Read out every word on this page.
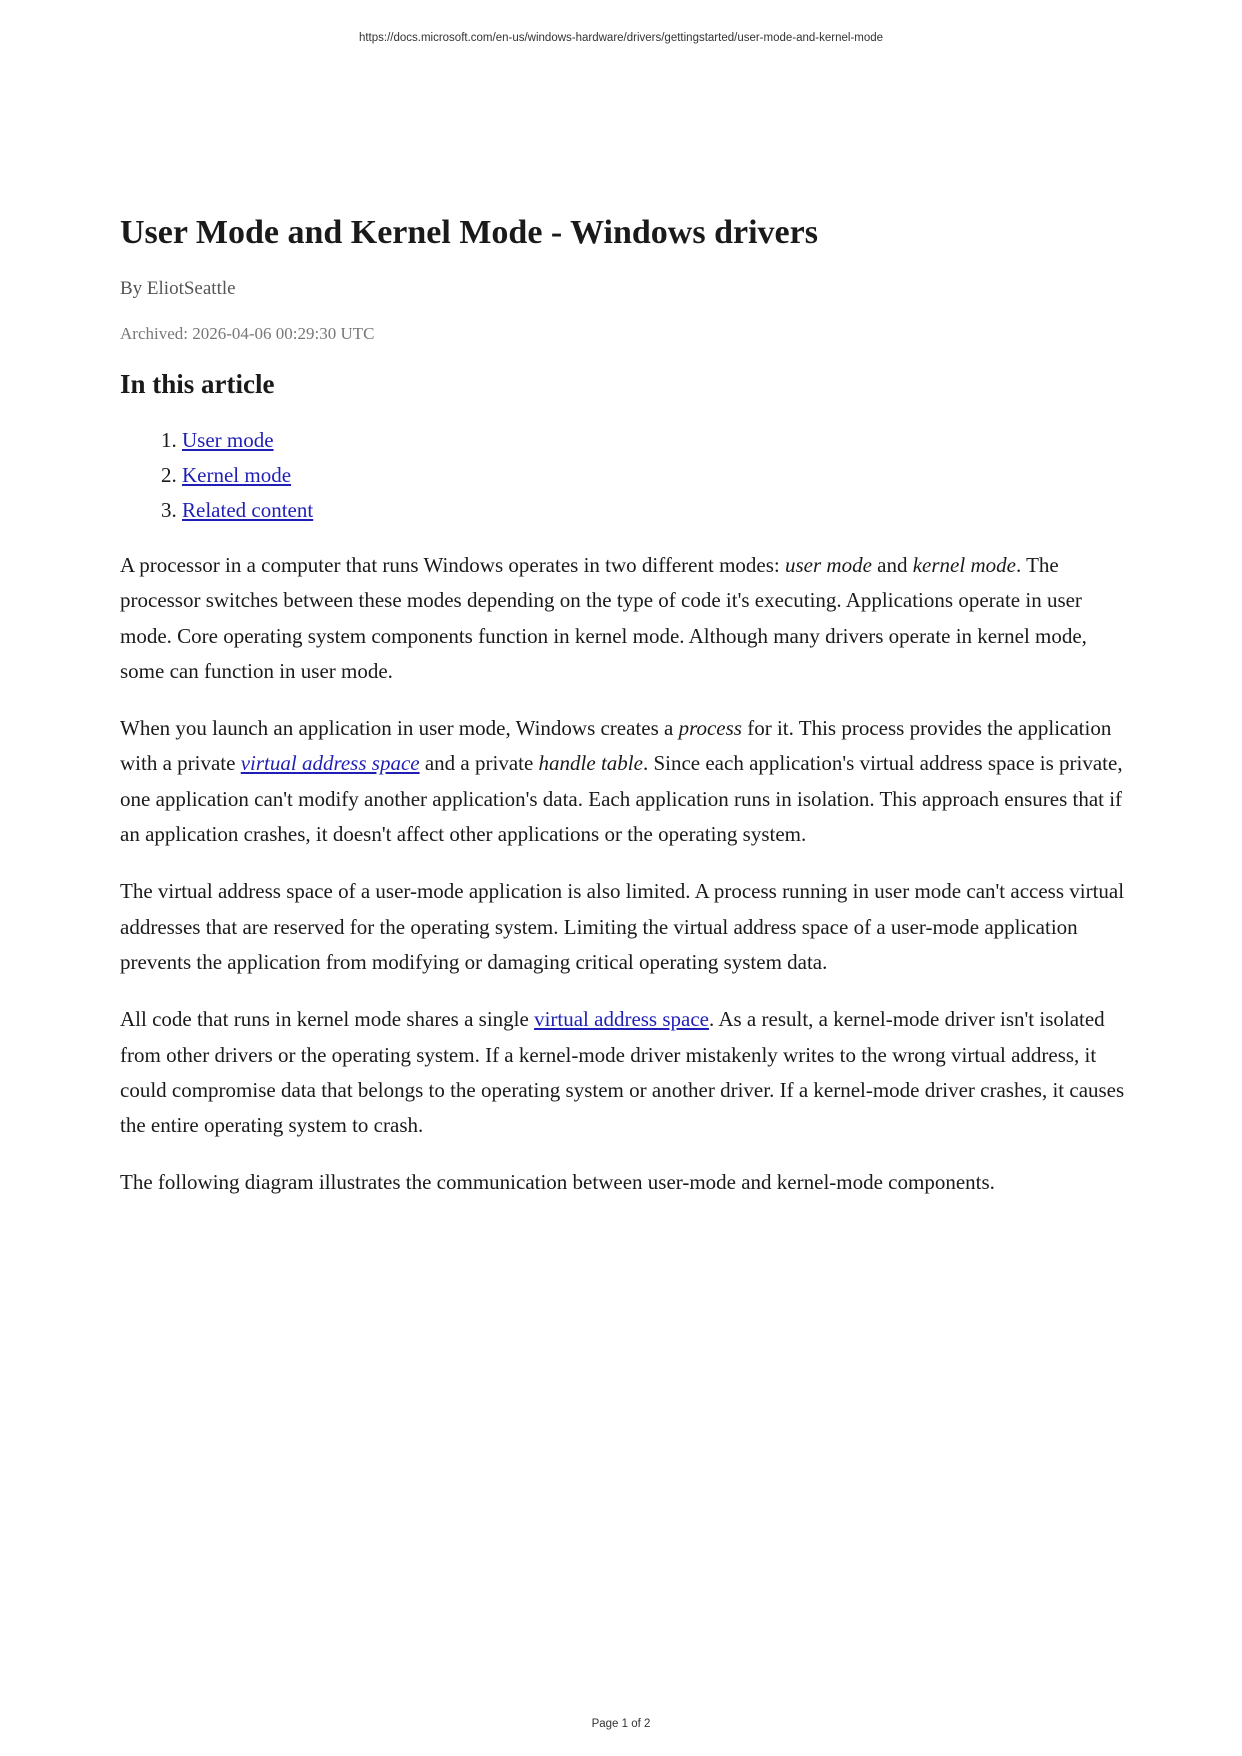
https://docs.microsoft.com/en-us/windows-hardware/drivers/gettingstarted/user-mode-and-kernel-mode
User Mode and Kernel Mode - Windows drivers

By EliotSeattle

Archived: 2026-04-06 00:29:30 UTC

In this article
1. User mode
2. Kernel mode
3. Related content

A processor in a computer that runs Windows operates in two different modes: user mode and kernel mode. The processor switches between these modes depending on the type of code it's executing. Applications operate in user mode. Core operating system components function in kernel mode. Although many drivers operate in kernel mode, some can function in user mode.

When you launch an application in user mode, Windows creates a process for it. This process provides the application with a private virtual address space and a private handle table. Since each application's virtual address space is private, one application can't modify another application's data. Each application runs in isolation. This approach ensures that if an application crashes, it doesn't affect other applications or the operating system.

The virtual address space of a user-mode application is also limited. A process running in user mode can't access virtual addresses that are reserved for the operating system. Limiting the virtual address space of a user-mode application prevents the application from modifying or damaging critical operating system data.

All code that runs in kernel mode shares a single virtual address space. As a result, a kernel-mode driver isn't isolated from other drivers or the operating system. If a kernel-mode driver mistakenly writes to the wrong virtual address, it could compromise data that belongs to the operating system or another driver. If a kernel-mode driver crashes, it causes the entire operating system to crash.

The following diagram illustrates the communication between user-mode and kernel-mode components.

Page 1 of 2
